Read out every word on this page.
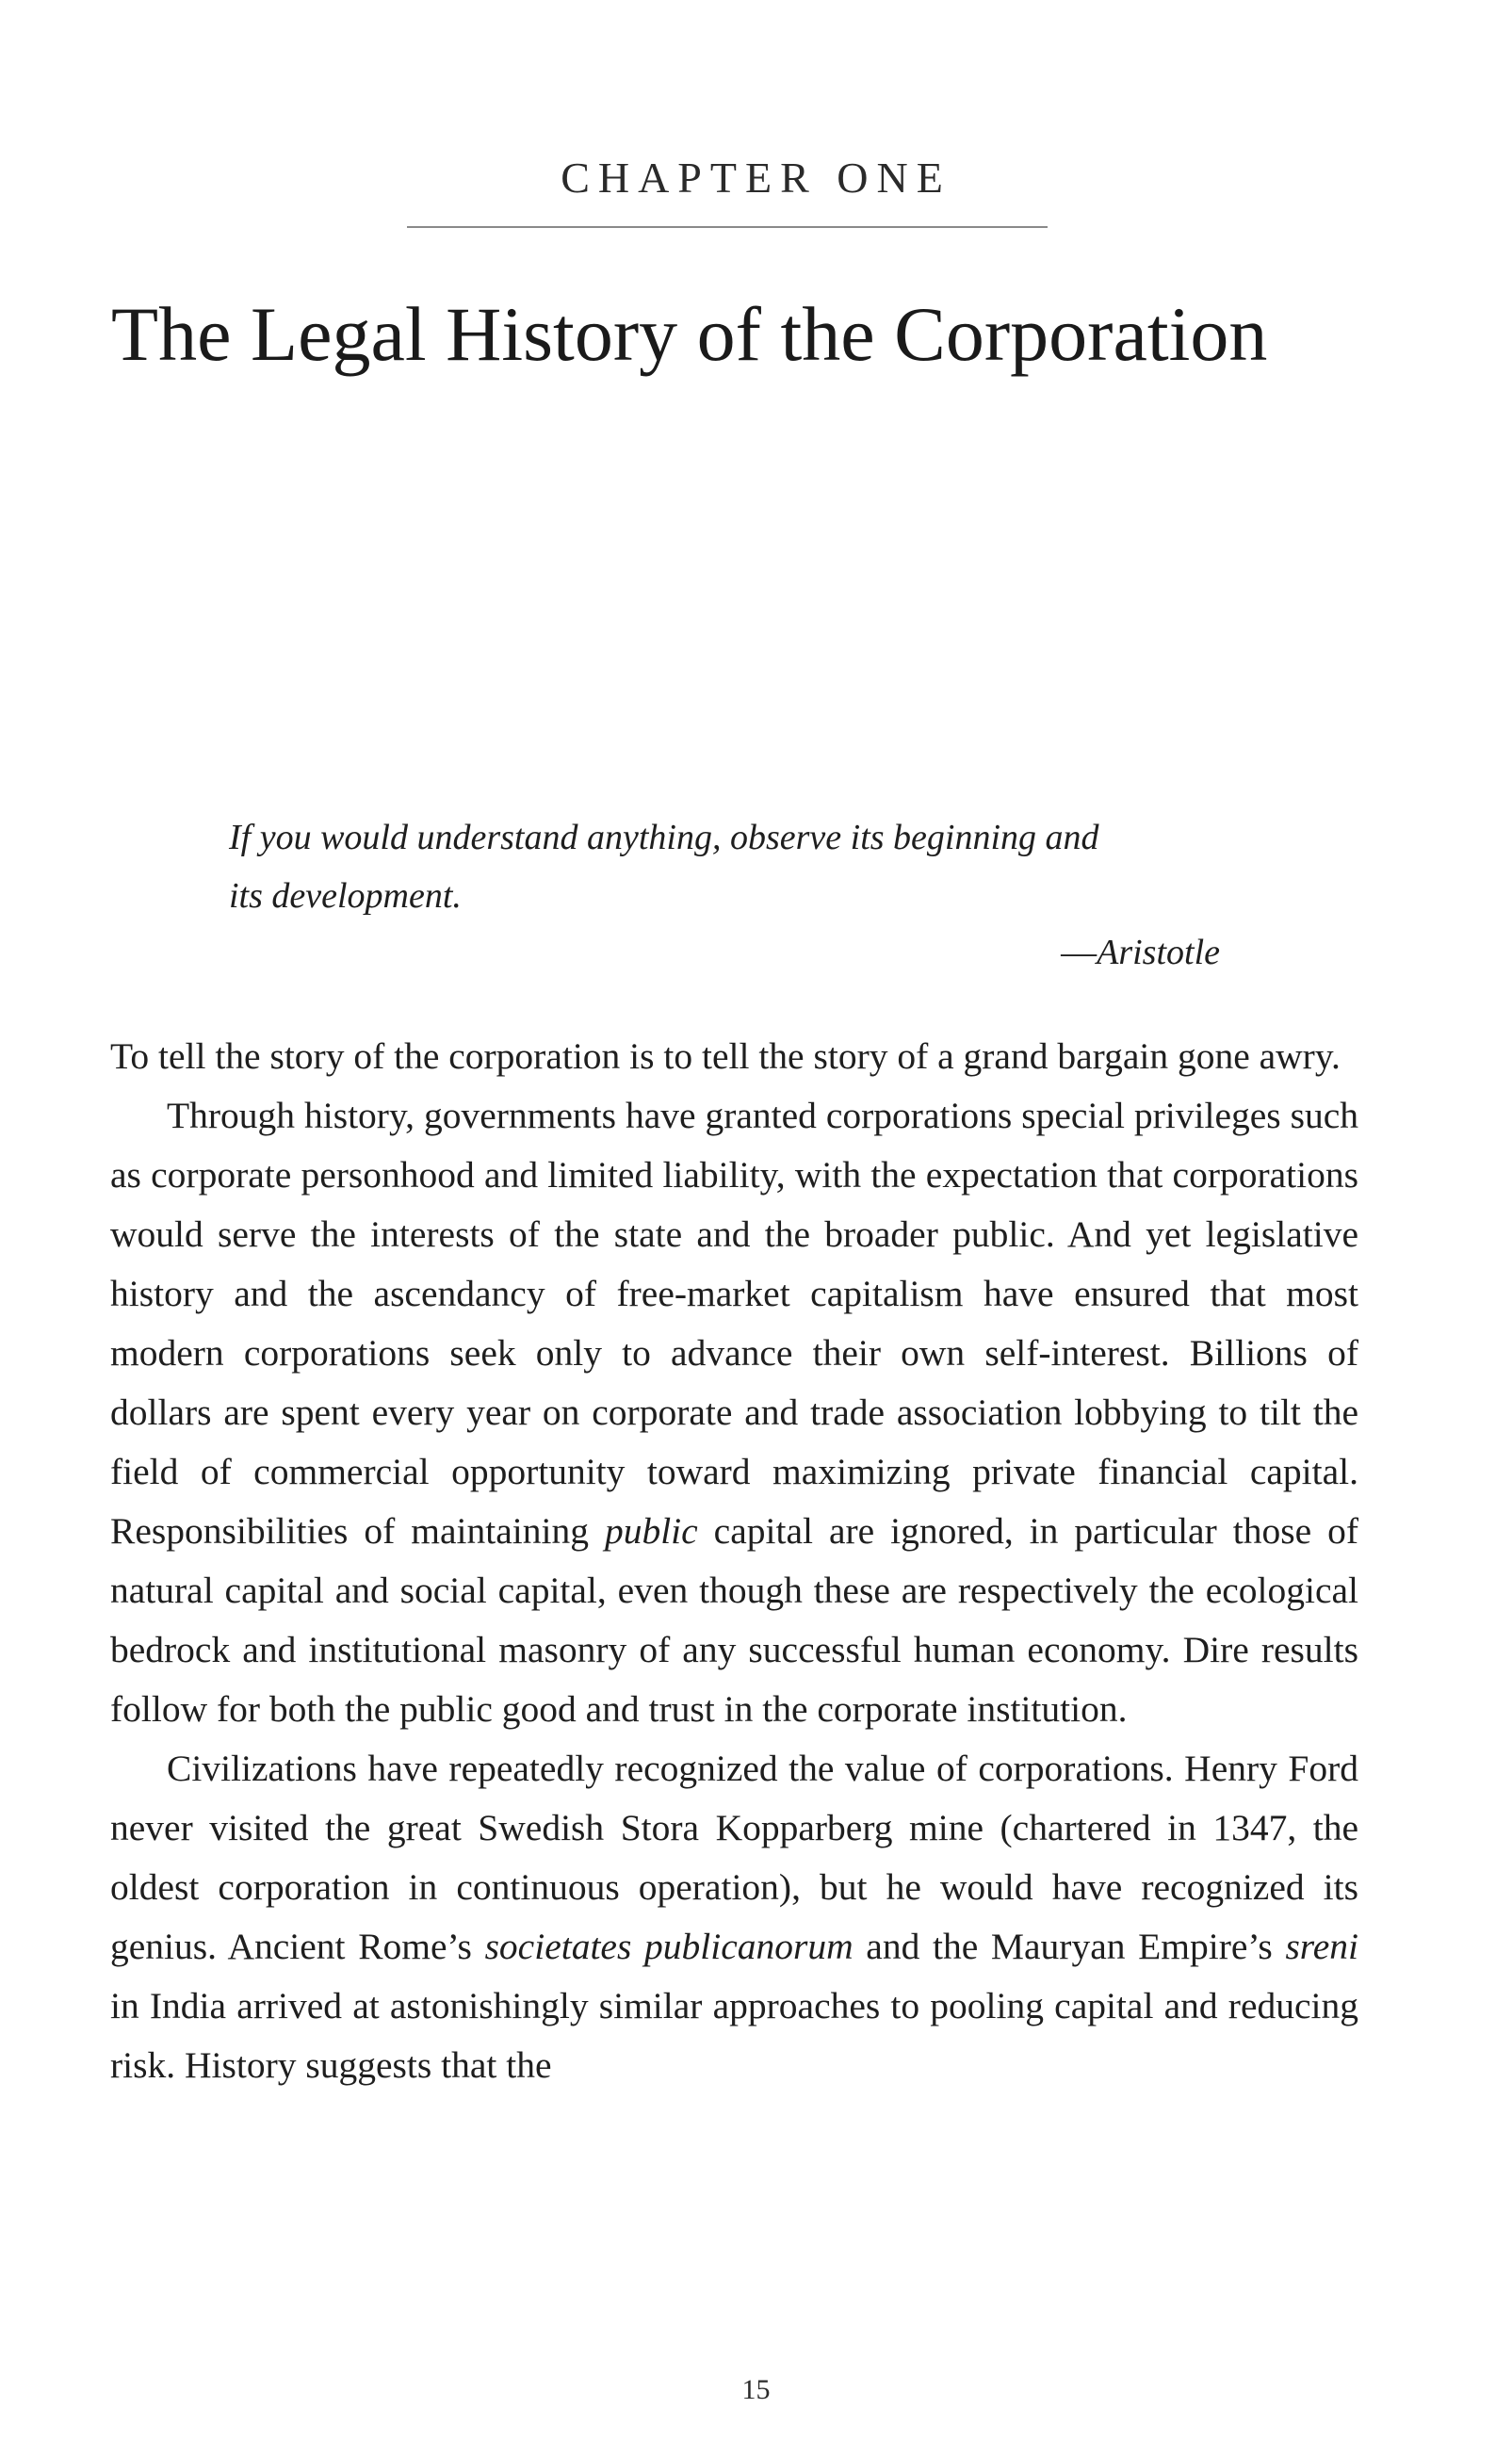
CHAPTER ONE
The Legal History of the Corporation
If you would understand anything, observe its beginning and
its development.
—Aristotle

To tell the story of the corporation is to tell the story of a grand bargain gone awry.

Through history, governments have granted corporations special privileges such as corporate personhood and limited liability, with the expectation that corporations would serve the interests of the state and the broader public. And yet legislative history and the ascendancy of free-market capitalism have ensured that most modern corporations seek only to advance their own self-interest. Billions of dollars are spent every year on corporate and trade association lobbying to tilt the field of commercial opportunity toward maximizing private financial capital. Responsibilities of maintaining public capital are ignored, in particular those of natural capital and social capital, even though these are respectively the ecological bedrock and institutional masonry of any successful human economy. Dire results follow for both the public good and trust in the corporate institution.

Civilizations have repeatedly recognized the value of corporations. Henry Ford never visited the great Swedish Stora Kopparberg mine (chartered in 1347, the oldest corporation in continuous operation), but he would have recognized its genius. Ancient Rome’s societates publicanorum and the Mauryan Empire’s sreni in India arrived at astonishingly similar approaches to pooling capital and reducing risk. History suggests that the

15
